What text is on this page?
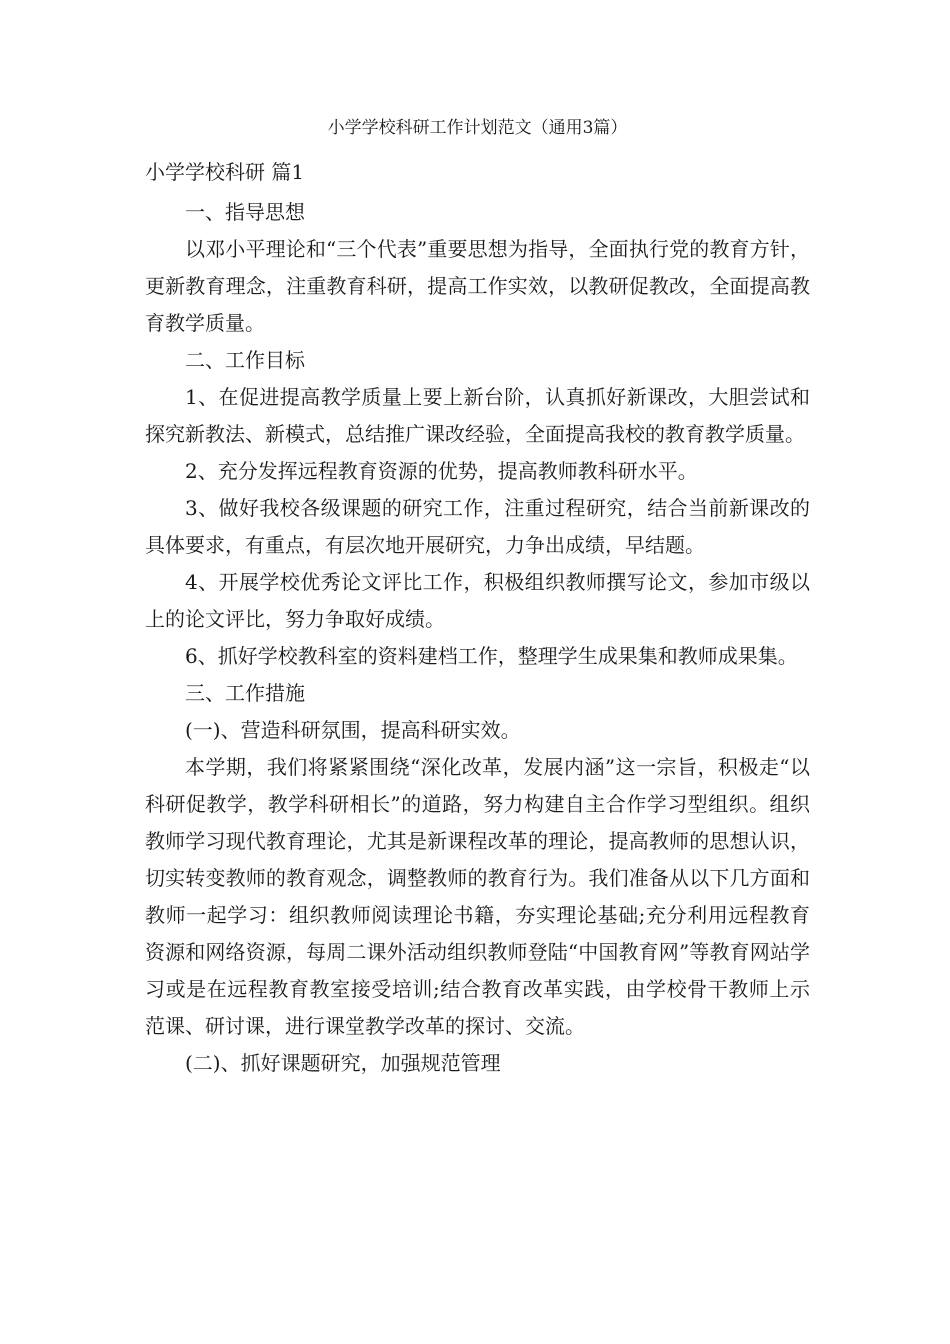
小学学校科研工作计划范文（通用3篇）
小学学校科研 篇1

一、指导思想

以邓小平理论和“三个代表”重要思想为指导，全面执行党的教育方针，更新教育理念，注重教育科研，提高工作实效，以教研促教改，全面提高教育教学质量。

二、工作目标

1、在促进提高教学质量上要上新台阶，认真抓好新课改，大胆尝试和探究新教法、新模式，总结推广课改经验，全面提高我校的教育教学质量。

2、充分发挥远程教育资源的优势，提高教师教科研水平。

3、做好我校各级课题的研究工作，注重过程研究，结合当前新课改的具体要求，有重点，有层次地开展研究，力争出成绩，早结题。

4、开展学校优秀论文评比工作，积极组织教师撰写论文，参加市级以上的论文评比，努力争取好成绩。

6、抓好学校教科室的资料建档工作，整理学生成果集和教师成果集。

三、工作措施

(一)、营造科研氛围，提高科研实效。

本学期，我们将紧紧围绕“深化改革，发展内涵”这一宗旨，积极走“以科研促教学，教学科研相长”的道路，努力构建自主合作学习型组织。组织教师学习现代教育理论，尤其是新课程改革的理论，提高教师的思想认识，切实转变教师的教育观念，调整教师的教育行为。我们准备从以下几方面和教师一起学习：组织教师阅读理论书籍，夯实理论基础;充分利用远程教育资源和网络资源，每周二课外活动组织教师登陆“中国教育网”等教育网站学习或是在远程教育教室接受培训;结合教育改革实践，由学校骨干教师上示范课、研讨课，进行课堂教学改革的探讨、交流。

(二)、抓好课题研究，加强规范管理
